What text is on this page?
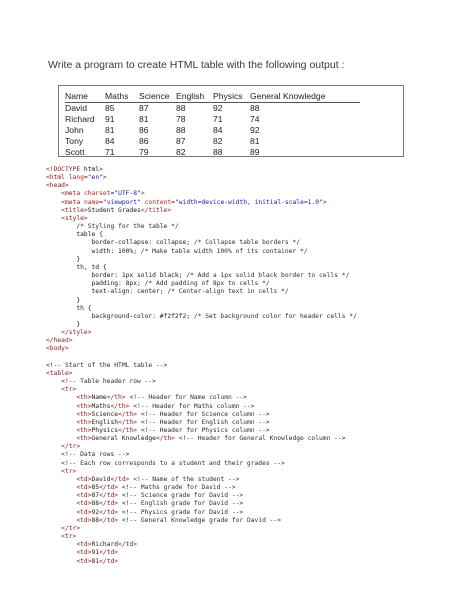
Write a program to create HTML table with the following output :
Name	Maths	Science	English	Physics	General Knowledge
David	85	87	88	92	88
Richard	91	81	78	71	74
John	81	86	88	84	92
Tony	84	86	87	82	81
Scott	71	79	82	88	89
<!DOCTYPE html>
<html lang="en">
<head>
<meta charset="UTF-8">
<meta name="viewport" content="width=device-width, initial-scale=1.0">
<title>Student Grades</title>
<style>
/* Styling for the table */
table {
border-collapse: collapse; /* Collapse table borders */
width: 100%; /* Make table width 100% of its container */
}
th, td {
border: 1px solid black; /* Add a 1px solid black border to cells */
padding: 8px; /* Add padding of 8px to cells */
text-align: center; /* Center-align text in cells */
}
th {
background-color: #f2f2f2; /* Set background color for header cells */
}
</style>
</head>
<body>

<!-- Start of the HTML table -->
<table>
<!-- Table header row -->
<tr>
<th>Name</th> <!-- Header for Name column -->
<th>Maths</th> <!-- Header for Maths column -->
<th>Science</th> <!-- Header for Science column -->
<th>English</th> <!-- Header for English column -->
<th>Physics</th> <!-- Header for Physics column -->
<th>General Knowledge</th> <!-- Header for General Knowledge column -->
</tr>
<!-- Data rows -->
<!-- Each row corresponds to a student and their grades -->
<tr>
<td>David</td> <!-- Name of the student -->
<td>85</td> <!-- Maths grade for David -->
<td>87</td> <!-- Science grade for David -->
<td>88</td> <!-- English grade for David -->
<td>92</td> <!-- Physics grade for David -->
<td>88</td> <!-- General Knowledge grade for David -->
</tr>
<tr>
<td>Richard</td>
<td>91</td>
<td>81</td>
